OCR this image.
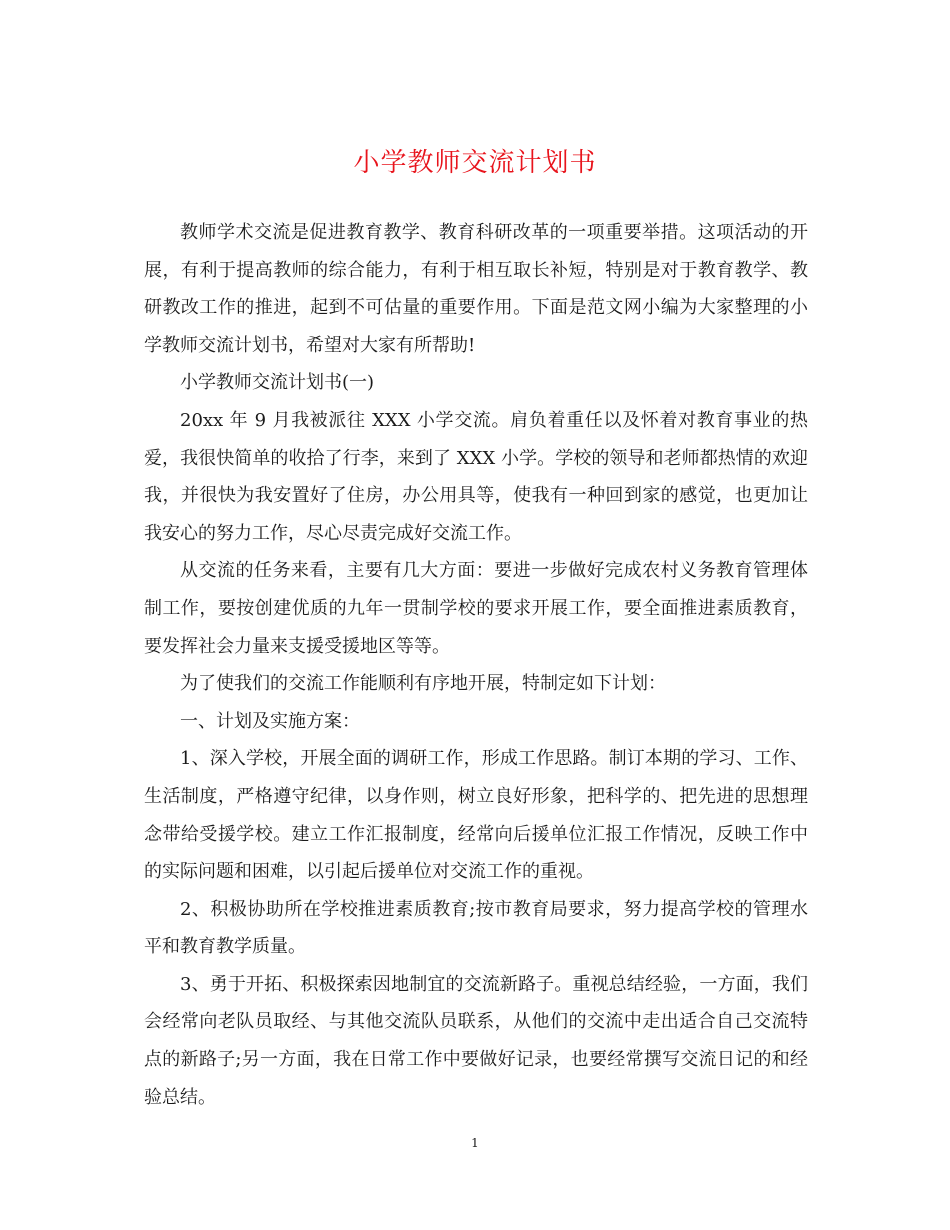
小学教师交流计划书

教师学术交流是促进教育教学、教育科研改革的一项重要举措。这项活动的开展，有利于提高教师的综合能力，有利于相互取长补短，特别是对于教育教学、教研教改工作的推进，起到不可估量的重要作用。下面是范文网小编为大家整理的小学教师交流计划书，希望对大家有所帮助!

小学教师交流计划书(一)

20xx 年 9 月我被派往 XXX 小学交流。肩负着重任以及怀着对教育事业的热爱，我很快简单的收拾了行李，来到了 XXX 小学。学校的领导和老师都热情的欢迎我，并很快为我安置好了住房，办公用具等，使我有一种回到家的感觉，也更加让我安心的努力工作，尽心尽责完成好交流工作。

从交流的任务来看，主要有几大方面：要进一步做好完成农村义务教育管理体制工作，要按创建优质的九年一贯制学校的要求开展工作，要全面推进素质教育，要发挥社会力量来支援受援地区等等。

为了使我们的交流工作能顺利有序地开展，特制定如下计划：

一、计划及实施方案：

1、深入学校，开展全面的调研工作，形成工作思路。制订本期的学习、工作、生活制度，严格遵守纪律，以身作则，树立良好形象，把科学的、把先进的思想理念带给受援学校。建立工作汇报制度，经常向后援单位汇报工作情况，反映工作中的实际问题和困难，以引起后援单位对交流工作的重视。

2、积极协助所在学校推进素质教育;按市教育局要求，努力提高学校的管理水平和教育教学质量。

3、勇于开拓、积极探索因地制宜的交流新路子。重视总结经验，一方面，我们会经常向老队员取经、与其他交流队员联系，从他们的交流中走出适合自己交流特点的新路子;另一方面，我在日常工作中要做好记录，也要经常撰写交流日记的和经验总结。

1
